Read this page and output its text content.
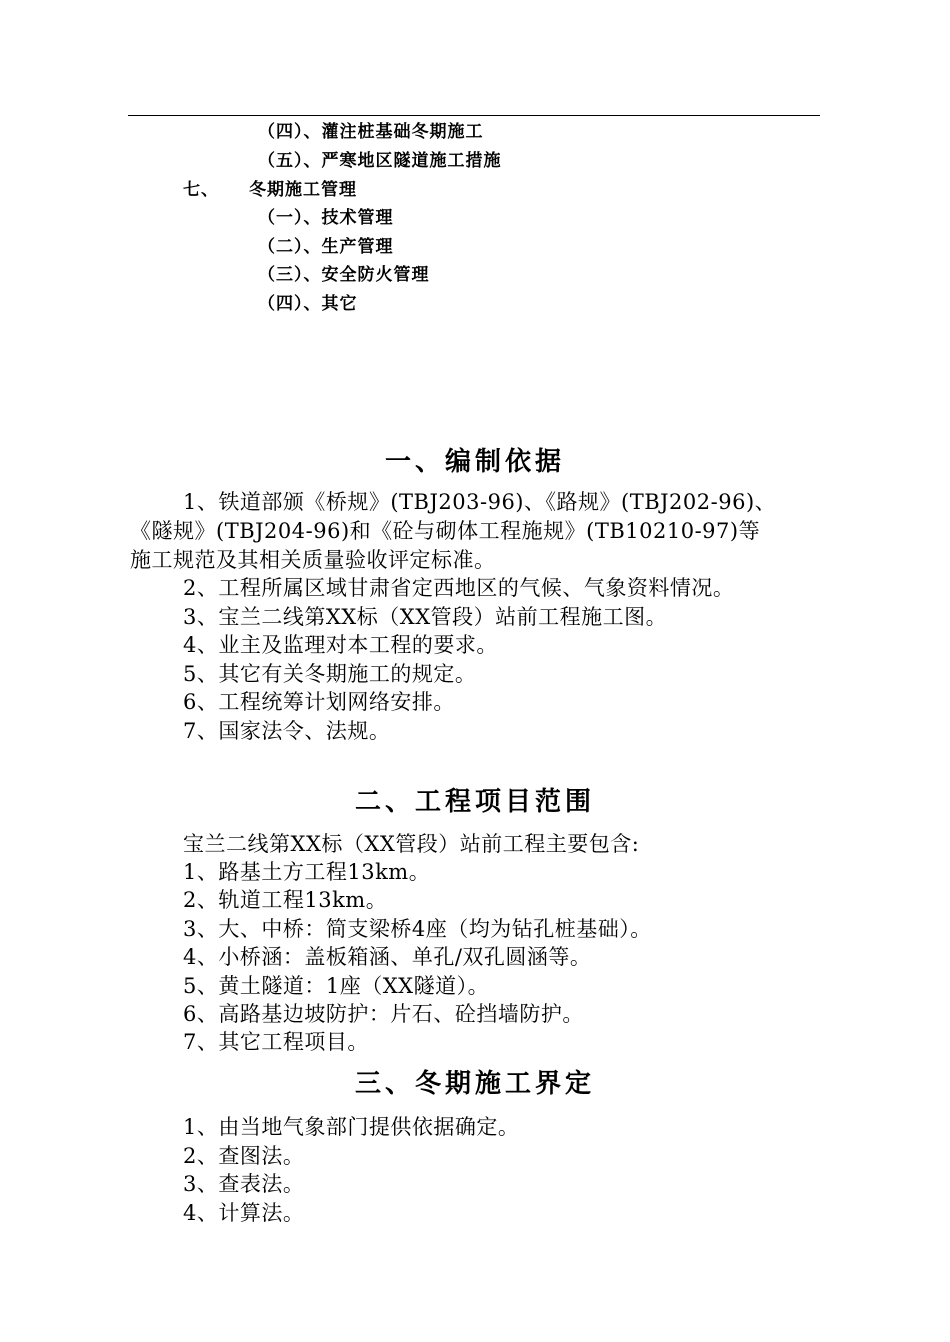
（四）、灌注桩基础冬期施工
（五）、严寒地区隧道施工措施
七、 冬期施工管理
（一）、技术管理
（二）、生产管理
（三）、安全防火管理
（四）、其它
一、编制依据
1、铁道部颁《桥规》(TBJ203-96)、《路规》(TBJ202-96)、
《隧规》(TBJ204-96)和《砼与砌体工程施规》(TB10210-97)等
施工规范及其相关质量验收评定标准。
2、工程所属区域甘肃省定西地区的气候、气象资料情况。
3、宝兰二线第XX标（XX管段）站前工程施工图。
4、业主及监理对本工程的要求。
5、其它有关冬期施工的规定。
6、工程统筹计划网络安排。
7、国家法令、法规。
二、工程项目范围
宝兰二线第XX标（XX管段）站前工程主要包含:
1、路基土方工程13km。
2、轨道工程13km。
3、大、中桥：简支梁桥4座（均为钻孔桩基础）。
4、小桥涵：盖板箱涵、单孔/双孔圆涵等。
5、黄土隧道：1座（XX隧道）。
6、高路基边坡防护：片石、砼挡墙防护。
7、其它工程项目。
三、冬期施工界定
1、由当地气象部门提供依据确定。
2、查图法。
3、查表法。
4、计算法。
